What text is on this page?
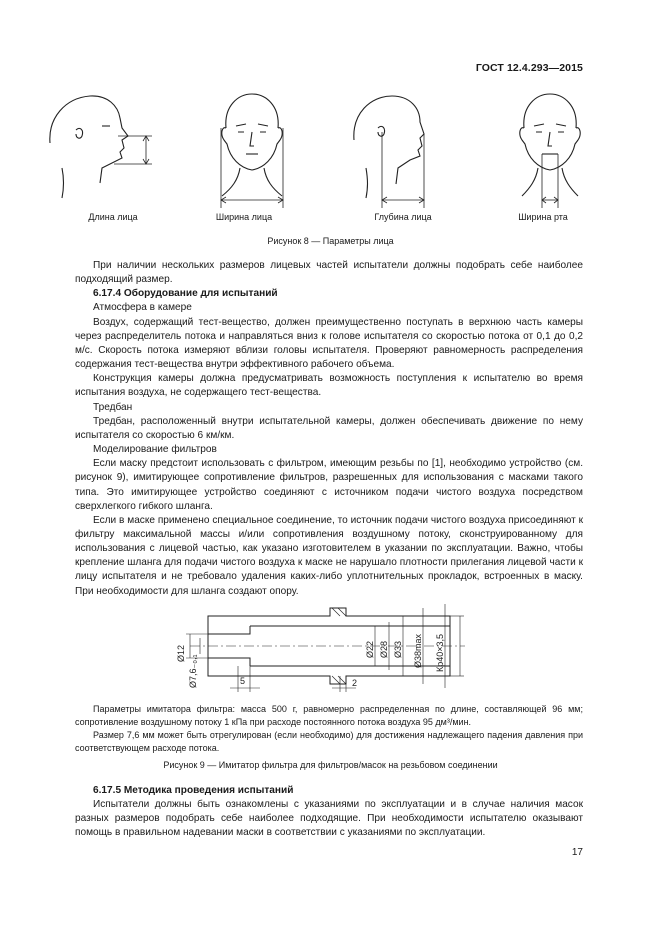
ГОСТ 12.4.293—2015
Длина лица	Ширина лица	Глубина лица	Ширина рта
Рисунок 8 — Параметры лица

При наличии нескольких размеров лицевых частей испытатели должны подобрать себе наиболее подходящий размер.

6.17.4 Оборудование для испытаний

Атмосфера в камере

Воздух, содержащий тест-вещество, должен преимущественно поступать в верхнюю часть камеры через распределитель потока и направляться вниз к голове испытателя со скоростью потока от 0,1 до 0,2 м/с. Скорость потока измеряют вблизи головы испытателя. Проверяют равномерность распределения содержания тест-вещества внутри эффективного рабочего объема.

Конструкция камеры должна предусматривать возможность поступления к испытателю во время испытания воздуха, не содержащего тест-вещества.

Тредбан

Тредбан, расположенный внутри испытательной камеры, должен обеспечивать движение по нему испытателя со скоростью 6 км/км.

Моделирование фильтров

Если маску предстоит использовать с фильтром, имеющим резьбы по [1], необходимо устройство (см. рисунок 9), имитирующее сопротивление фильтров, разрешенных для использования с масками такого типа. Это имитирующее устройство соединяют с источником подачи чистого воздуха посредством сверхлегкого гибкого шланга.

Если в маске применено специальное соединение, то источник подачи чистого воздуха присоединяют к фильтру максимальной массы и/или сопротивления воздушному потоку, сконструированному для использования с лицевой частью, как указано изготовителем в указании по эксплуатации. Важно, чтобы крепление шланга для подачи чистого воздуха к маске не нарушало плотности прилегания лицевой части к лицу испытателя и не требовало удаления каких-либо уплотнительных прокладок, встроенных в маску. При необходимости для шланга создают опору.

Ø12
Ø7,6₋₀,₁	5	2
Ø22 Ø28 Ø33 Ø38max Кр40×3,5

Параметры имитатора фильтра: масса 500 г, равномерно распределенная по длине, составляющей 96 мм; сопротивление воздушному потоку 1 кПа при расходе постоянного потока воздуха 95 дм³/мин.

Размер 7,6 мм может быть отрегулирован (если необходимо) для достижения надлежащего падения давления при соответствующем расходе потока.

Рисунок 9 — Имитатор фильтра для фильтров/масок на резьбовом соединении
6.17.5 Методика проведения испытаний

Испытатели должны быть ознакомлены с указаниями по эксплуатации и в случае наличия масок разных размеров подобрать себе наиболее подходящие. При необходимости испытателю оказывают помощь в правильном надевании маски в соответствии с указаниями по эксплуатации.

17
